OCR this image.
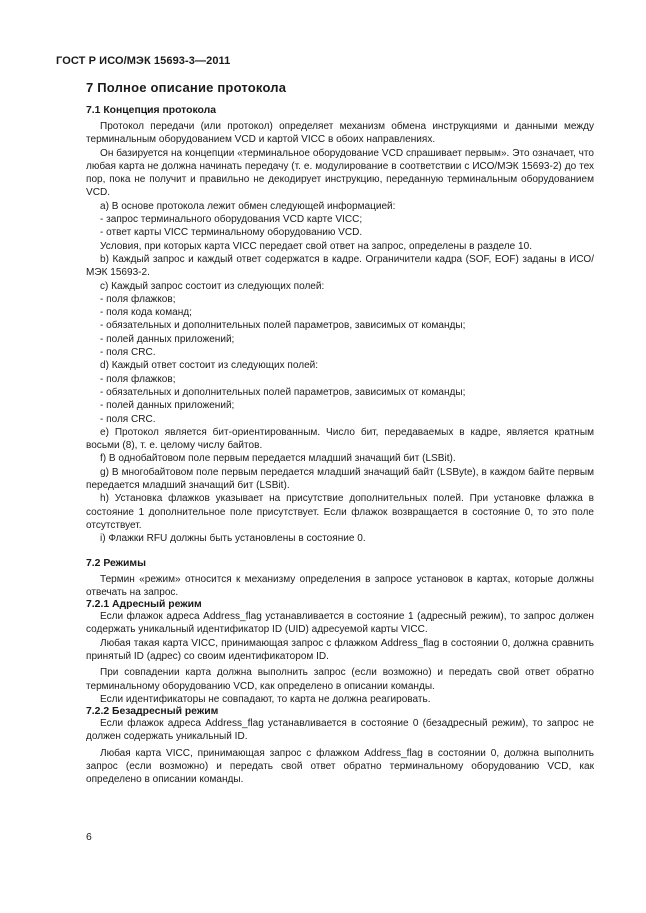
ГОСТ Р ИСО/МЭК 15693-3—2011
7 Полное описание протокола
7.1 Концепция протокола
Протокол передачи (или протокол) определяет механизм обмена инструкциями и данными между терминальным оборудованием VCD и картой VICC в обоих направлениях.
Он базируется на концепции «терминальное оборудование VCD спрашивает первым». Это означает, что любая карта не должна начинать передачу (т. е. модулирование в соответствии с ИСО/МЭК 15693-2) до тех пор, пока не получит и правильно не декодирует инструкцию, переданную терминальным оборудованием VCD.
а) В основе протокола лежит обмен следующей информацией:
- запрос терминального оборудования VCD карте VICC;
- ответ карты VICC терминальному оборудованию VCD.
Условия, при которых карта VICC передает свой ответ на запрос, определены в разделе 10.
b) Каждый запрос и каждый ответ содержатся в кадре. Ограничители кадра (SOF, EOF) заданы в ИСО/МЭК 15693-2.
с) Каждый запрос состоит из следующих полей:
- поля флажков;
- поля кода команд;
- обязательных и дополнительных полей параметров, зависимых от команды;
- полей данных приложений;
- поля CRC.
d) Каждый ответ состоит из следующих полей:
- поля флажков;
- обязательных и дополнительных полей параметров, зависимых от команды;
- полей данных приложений;
- поля CRC.
е) Протокол является бит-ориентированным. Число бит, передаваемых в кадре, является кратным восьми (8), т. е. целому числу байтов.
f) В однобайтовом поле первым передается младший значащий бит (LSBit).
g) В многобайтовом поле первым передается младший значащий байт (LSByte), в каждом байте первым передается младший значащий бит (LSBit).
h) Установка флажков указывает на присутствие дополнительных полей. При установке флажка в состояние 1 дополнительное поле присутствует. Если флажок возвращается в состояние 0, то это поле отсутствует.
i) Флажки RFU должны быть установлены в состояние 0.
7.2 Режимы
Термин «режим» относится к механизму определения в запросе установок в картах, которые должны отвечать на запрос.
7.2.1 Адресный режим
Если флажок адреса Address_flag устанавливается в состояние 1 (адресный режим), то запрос должен содержать уникальный идентификатор ID (UID) адресуемой карты VICC.
Любая такая карта VICC, принимающая запрос с флажком Address_flag в состоянии 0, должна сравнить принятый ID (адрес) со своим идентификатором ID.
При совпадении карта должна выполнить запрос (если возможно) и передать свой ответ обратно терминальному оборудованию VCD, как определено в описании команды.
Если идентификаторы не совпадают, то карта не должна реагировать.
7.2.2 Безадресный режим
Если флажок адреса Address_flag устанавливается в состояние 0 (безадресный режим), то запрос не должен содержать уникальный ID.
Любая карта VICC, принимающая запрос с флажком Address_flag в состоянии 0, должна выполнить запрос (если возможно) и передать свой ответ обратно терминальному оборудованию VCD, как определено в описании команды.
6
